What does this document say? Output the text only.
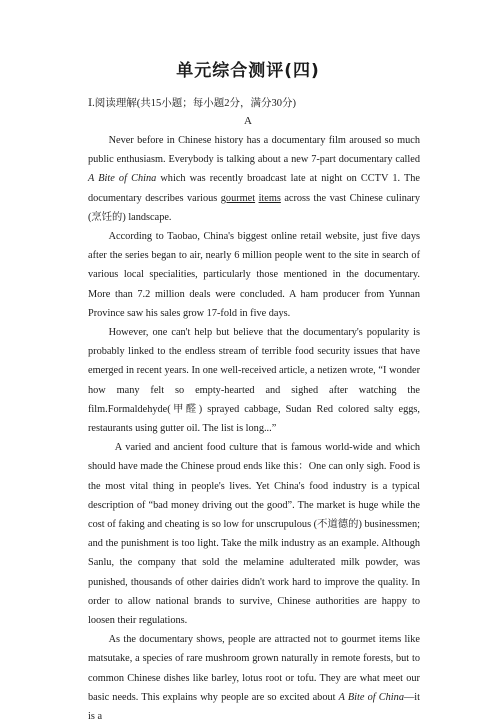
单元综合测评(四)
Ⅰ.阅读理解(共15小题；每小题2分，满分30分)
A

Never before in Chinese history has a documentary film aroused so much public enthusiasm. Everybody is talking about a new 7-part documentary called A Bite of China which was recently broadcast late at night on CCTV 1. The documentary describes various gourmet items across the vast Chinese culinary (烹饪的) landscape.

According to Taobao, China's biggest online retail website, just five days after the series began to air, nearly 6 million people went to the site in search of various local specialities, particularly those mentioned in the documentary. More than 7.2 million deals were concluded. A ham producer from Yunnan Province saw his sales grow 17-fold in five days.

However, one can't help but believe that the documentary's popularity is probably linked to the endless stream of terrible food security issues that have emerged in recent years. In one well-received article, a netizen wrote, “I wonder how many felt so empty-hearted and sighed after watching the film.Formaldehyde(甲醛) sprayed cabbage, Sudan Red colored salty eggs, restaurants using gutter oil. The list is long...”

A varied and ancient food culture that is famous world-wide and which should have made the Chinese proud ends like this：One can only sigh. Food is the most vital thing in people's lives. Yet China's food industry is a typical description of “bad money driving out the good”. The market is huge while the cost of faking and cheating is so low for unscrupulous (不道德的) businessmen; and the punishment is too light. Take the milk industry as an example. Although Sanlu, the company that sold the melamine adulterated milk powder, was punished, thousands of other dairies didn't work hard to improve the quality. In order to allow national brands to survive, Chinese authorities are happy to loosen their regulations.

As the documentary shows, people are attracted not to gourmet items like matsutake, a species of rare mushroom grown naturally in remote forests, but to common Chinese dishes like barley, lotus root or tofu. They are what meet our basic needs. This explains why people are so excited about A Bite of China—it is a
